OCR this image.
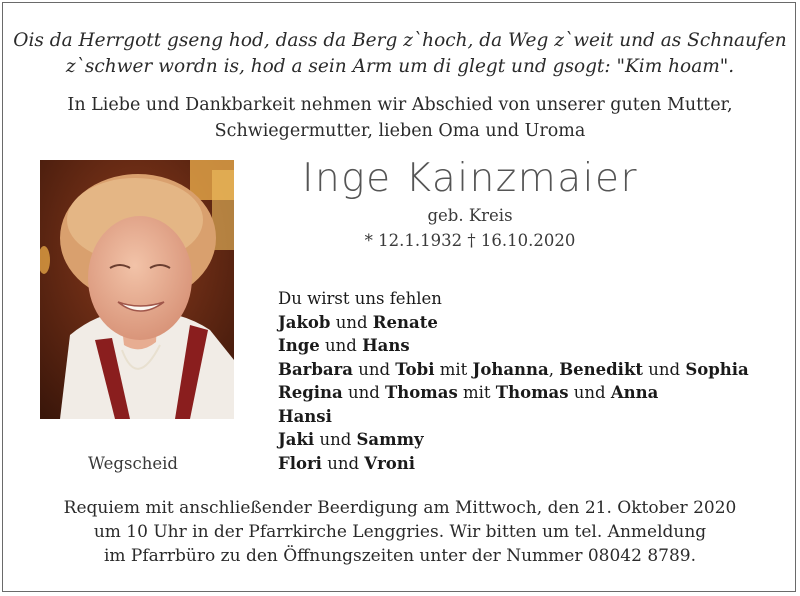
Ois da Herrgott gseng hod, dass da Berg z`hoch, da Weg z`weit und as Schnaufen
z`schwer wordn is, hod a sein Arm um di glegt und gsogt: "Kim hoam".
In Liebe und Dankbarkeit nehmen wir Abschied von unserer guten Mutter,
Schwiegermutter, lieben Oma und Uroma
Wegscheid
Inge Kainzmaier
geb. Kreis
* 12.1.1932 † 16.10.2020
Du wirst uns fehlen
Jakob und Renate
Inge und Hans
Barbara und Tobi mit Johanna, Benedikt und Sophia
Regina und Thomas mit Thomas und Anna
Hansi
Jaki und Sammy
Flori und Vroni
Requiem mit anschließender Beerdigung am Mittwoch, den 21. Oktober 2020
um 10 Uhr in der Pfarrkirche Lenggries. Wir bitten um tel. Anmeldung
im Pfarrbüro zu den Öffnungszeiten unter der Nummer 08042 8789.
